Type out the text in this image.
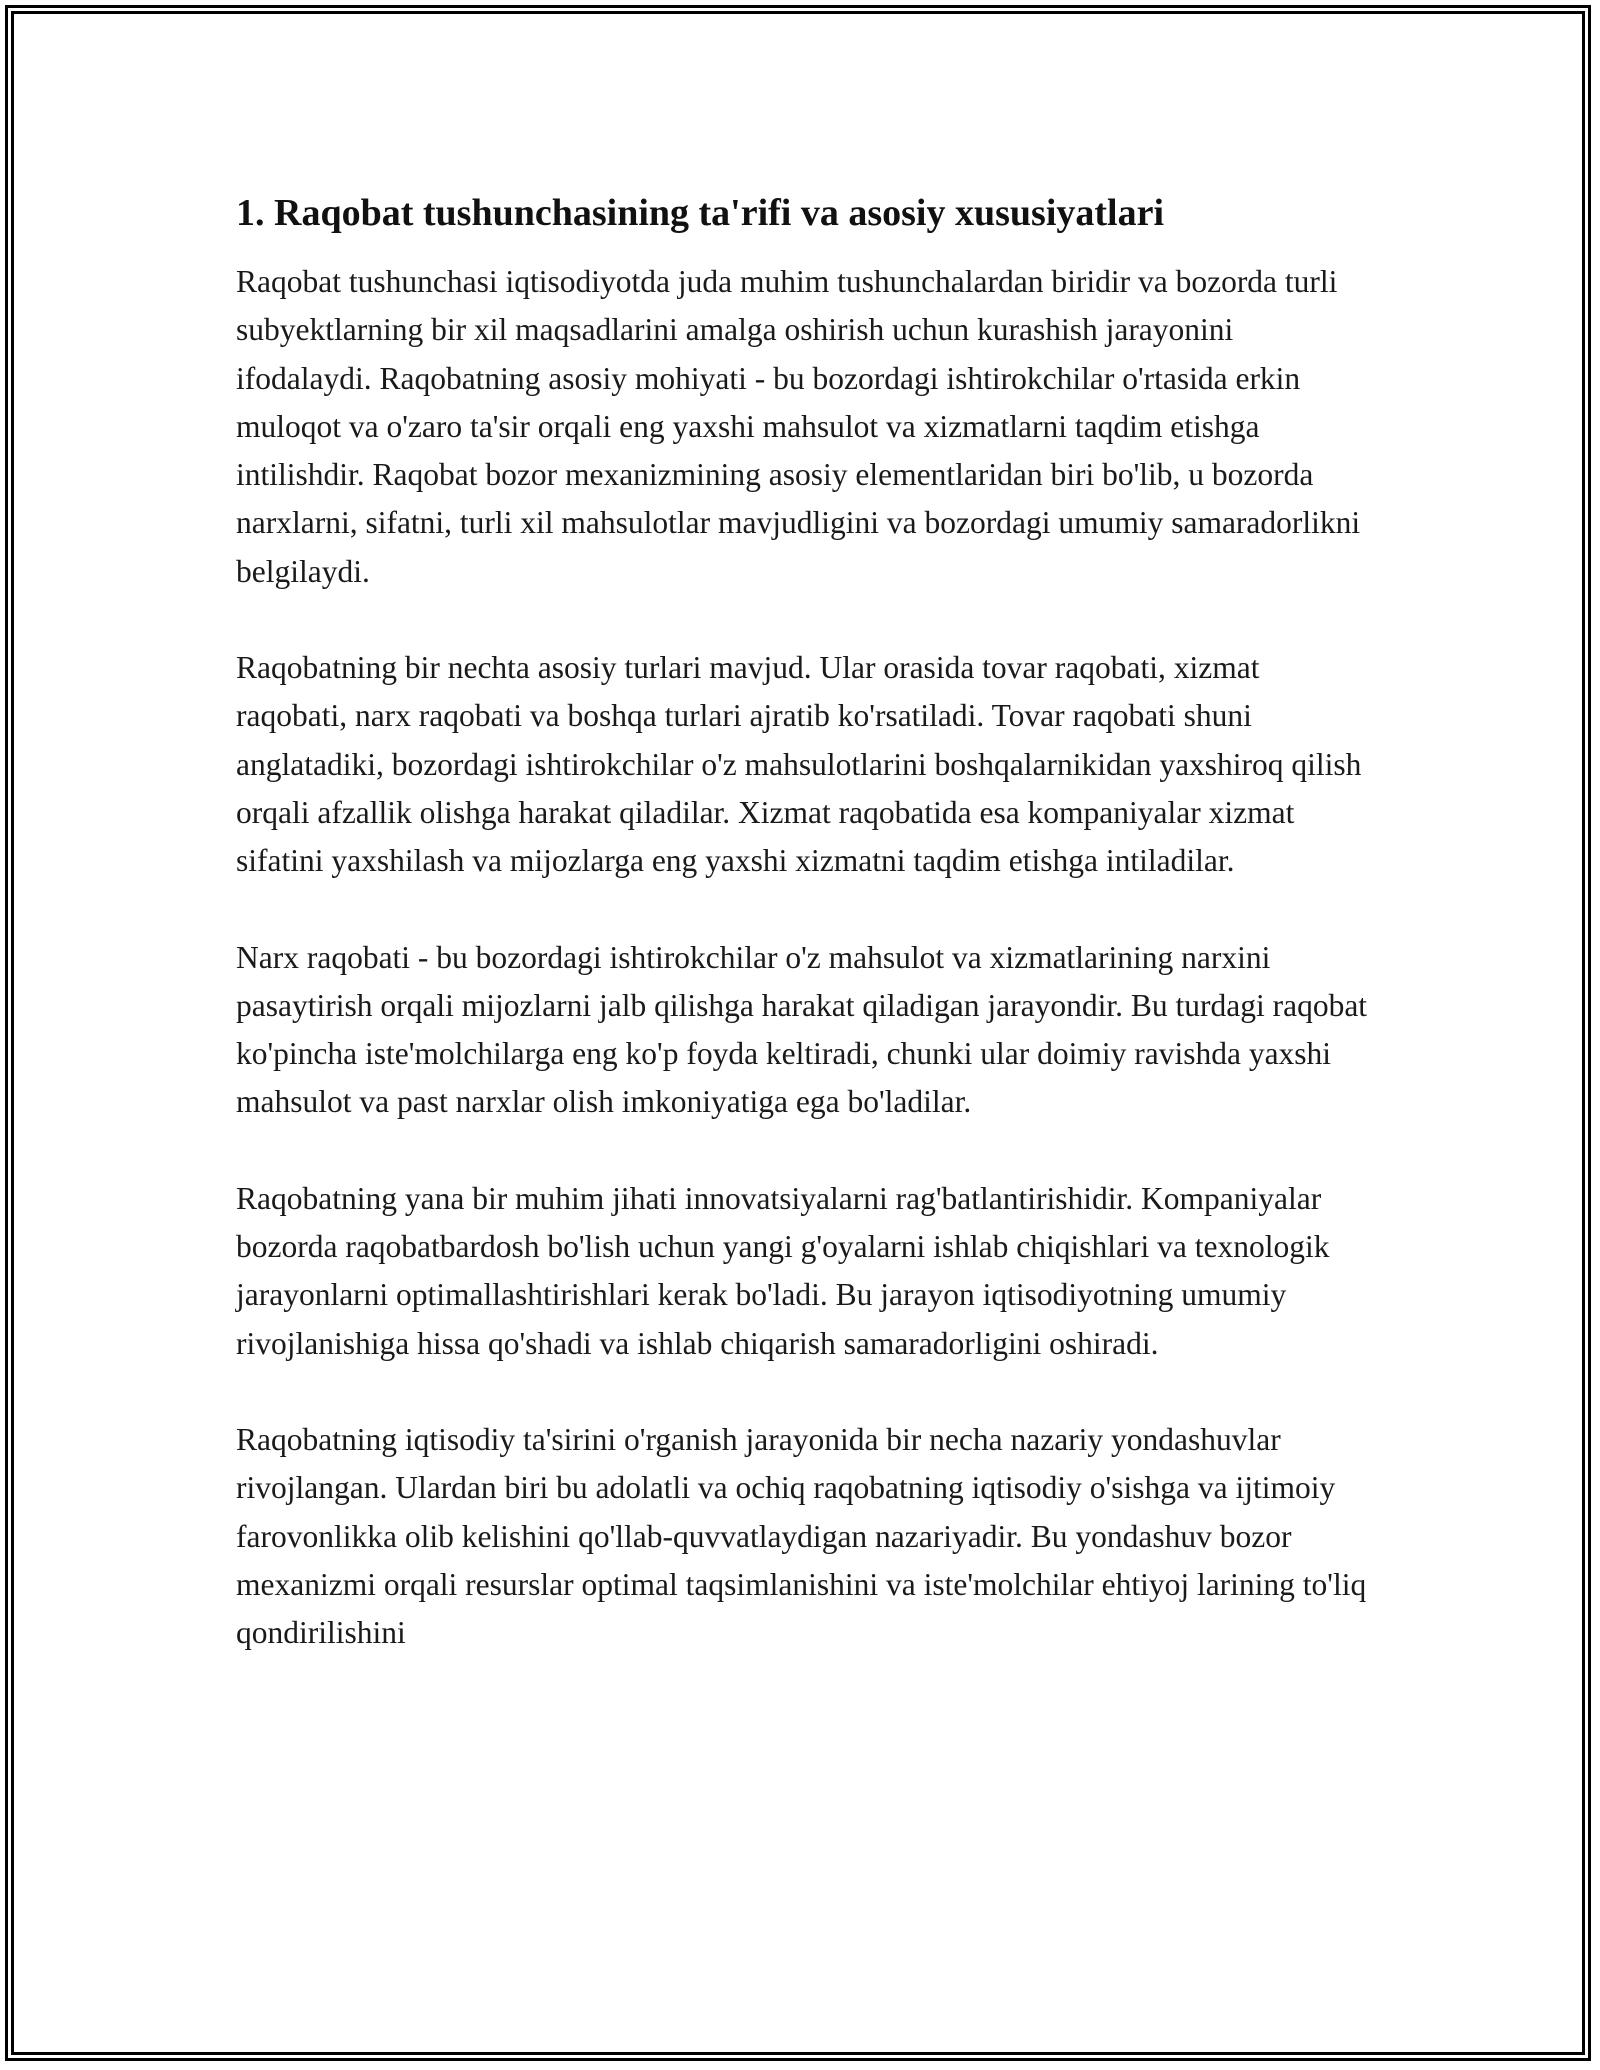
1. Raqobat tushunchasining ta'rifi va asosiy xususiyatlari

Raqobat tushunchasi iqtisodiyotda juda muhim tushunchalardan biridir va bozorda turli subyektlarning bir xil maqsadlarini amalga oshirish uchun kurashish jarayonini ifodalaydi. Raqobatning asosiy mohiyati - bu bozordagi ishtirokchilar o'rtasida erkin muloqot va o'zaro ta'sir orqali eng yaxshi mahsulot va xizmatlarni taqdim etishga intilishdir. Raqobat bozor mexanizmining asosiy elementlaridan biri bo'lib, u bozorda narxlarni, sifatni, turli xil mahsulotlar mavjudligini va bozordagi umumiy samaradorlikni belgilaydi.

Raqobatning bir nechta asosiy turlari mavjud. Ular orasida tovar raqobati, xizmat raqobati, narx raqobati va boshqa turlari ajratib ko'rsatiladi. Tovar raqobati shuni anglatadiki, bozordagi ishtirokchilar o'z mahsulotlarini boshqalarnikidan yaxshiroq qilish orqali afzallik olishga harakat qiladilar. Xizmat raqobatida esa kompaniyalar xizmat sifatini yaxshilash va mijozlarga eng yaxshi xizmatni taqdim etishga intiladilar.

Narx raqobati - bu bozordagi ishtirokchilar o'z mahsulot va xizmatlarining narxini pasaytirish orqali mijozlarni jalb qilishga harakat qiladigan jarayondir. Bu turdagi raqobat ko'pincha iste'molchilarga eng ko'p foyda keltiradi, chunki ular doimiy ravishda yaxshi mahsulot va past narxlar olish imkoniyatiga ega bo'ladilar.

Raqobatning yana bir muhim jihati innovatsiyalarni rag'batlantirishidir. Kompaniyalar bozorda raqobatbardosh bo'lish uchun yangi g'oyalarni ishlab chiqishlari va texnologik jarayonlarni optimallashtirishlari kerak bo'ladi. Bu jarayon iqtisodiyotning umumiy rivojlanishiga hissa qo'shadi va ishlab chiqarish samaradorligini oshiradi.

Raqobatning iqtisodiy ta'sirini o'rganish jarayonida bir necha nazariy yondashuvlar rivojlangan. Ulardan biri bu adolatli va ochiq raqobatning iqtisodiy o'sishga va ijtimoiy farovonlikka olib kelishini qo'llab-quvvatlaydigan nazariyadir. Bu yondashuv bozor mexanizmi orqali resurslar optimal taqsimlanishini va iste'molchilar ehtiyoj larining to'liq qondirilishini
